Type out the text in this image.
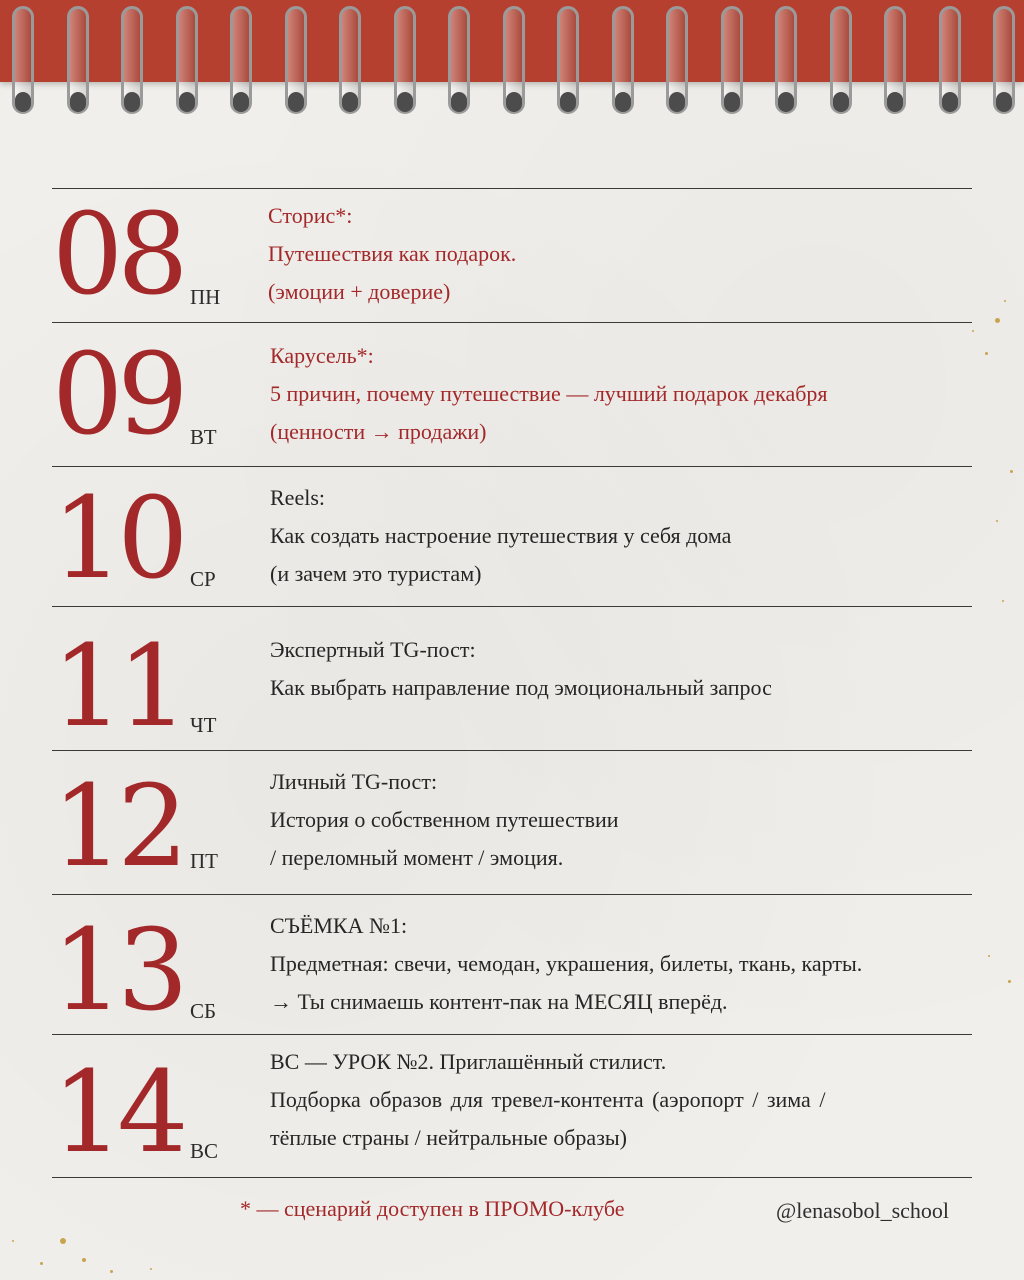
08 ПН
Сторис*:
Путешествия как подарок.
(эмоции + доверие)
09 ВТ
Карусель*:
5 причин, почему путешествие — лучший подарок декабря
(ценности → продажи)
10 СР
Reels:
Как создать настроение путешествия у себя дома
(и зачем это туристам)
11 ЧТ
Экспертный TG-пост:
Как выбрать направление под эмоциональный запрос
12 ПТ
Личный TG-пост:
История о собственном путешествии
/ переломный момент / эмоция.
13 СБ
СЪЁМКА №1:
Предметная: свечи, чемодан, украшения, билеты, ткань, карты.
→ Ты снимаешь контент-пак на МЕСЯЦ вперёд.
14 ВС
ВС — УРОК №2. Приглашённый стилист.
Подборка образов для тревел-контента (аэропорт / зима /
тёплые страны / нейтральные образы)
* — сценарий доступен в ПРОМО-клубе	@lenasobol_school
